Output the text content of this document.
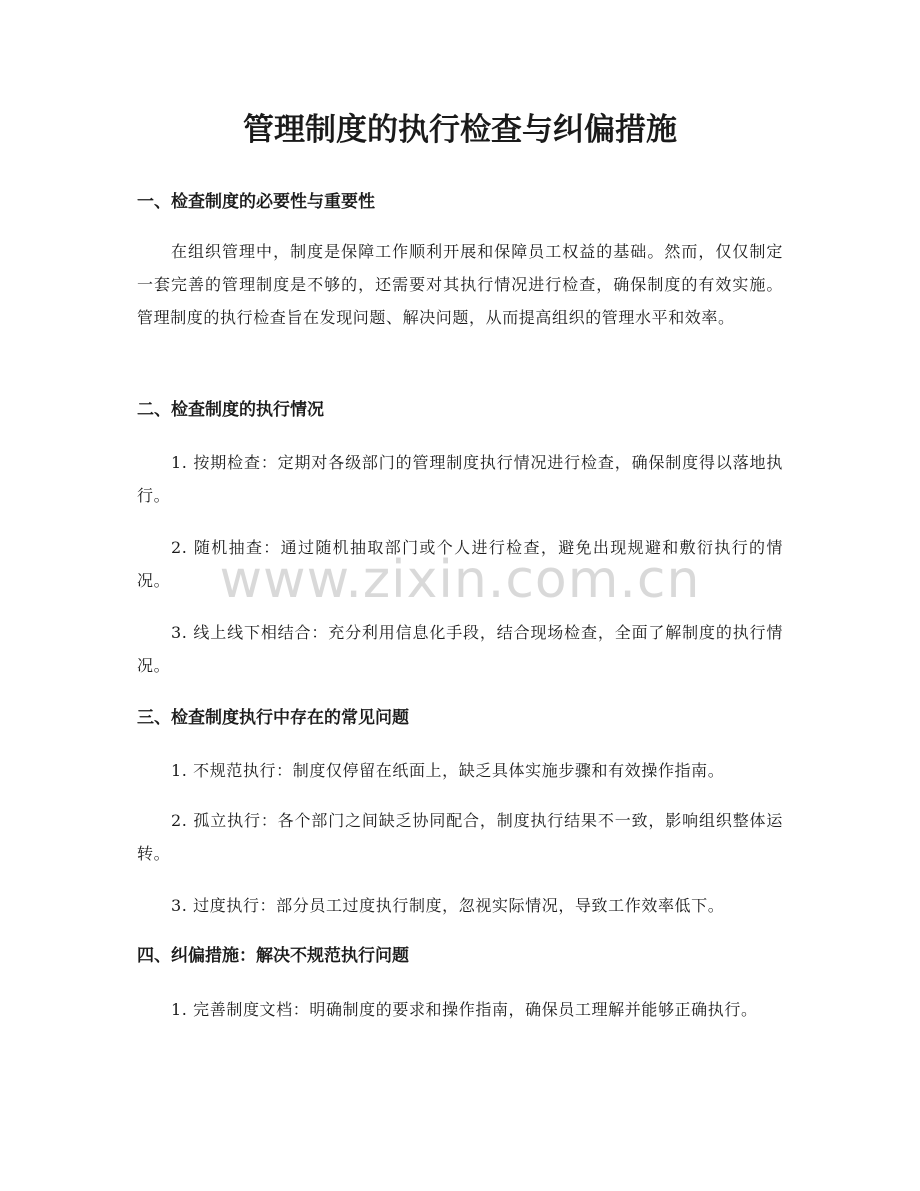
管理制度的执行检查与纠偏措施
一、检查制度的必要性与重要性

在组织管理中，制度是保障工作顺利开展和保障员工权益的基础。然而，仅仅制定一套完善的管理制度是不够的，还需要对其执行情况进行检查，确保制度的有效实施。管理制度的执行检查旨在发现问题、解决问题，从而提高组织的管理水平和效率。

二、检查制度的执行情况

1. 按期检查：定期对各级部门的管理制度执行情况进行检查，确保制度得以落地执行。

2. 随机抽查：通过随机抽取部门或个人进行检查，避免出现规避和敷衍执行的情况。

3. 线上线下相结合：充分利用信息化手段，结合现场检查，全面了解制度的执行情况。

三、检查制度执行中存在的常见问题

1. 不规范执行：制度仅停留在纸面上，缺乏具体实施步骤和有效操作指南。

2. 孤立执行：各个部门之间缺乏协同配合，制度执行结果不一致，影响组织整体运转。

3. 过度执行：部分员工过度执行制度，忽视实际情况，导致工作效率低下。

四、纠偏措施：解决不规范执行问题

1. 完善制度文档：明确制度的要求和操作指南，确保员工理解并能够正确执行。

www.zixin.com.cn
